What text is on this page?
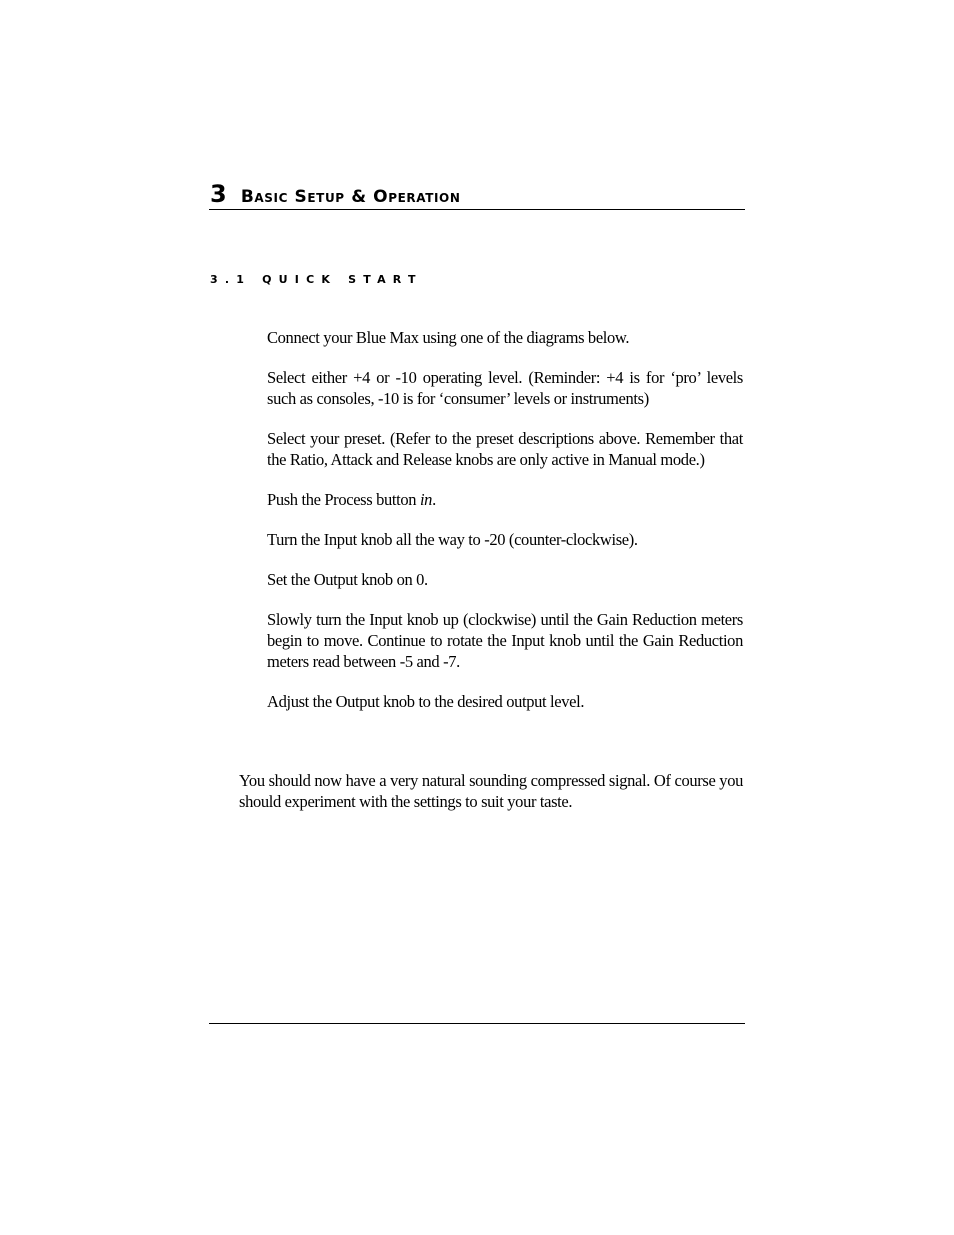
3 Basic Setup & Operation
3.1 QUICK START
Connect your Blue Max using one of the diagrams below.
Select either +4 or -10 operating level. (Reminder: +4 is for ‘pro’ levels such as consoles, -10 is for ‘consumer’ levels or instruments)
Select your preset. (Refer to the preset descriptions above. Remember that the Ratio, Attack and Release knobs are only active in Manual mode.)
Push the Process button in.
Turn the Input knob all the way to -20 (counter-clockwise).
Set the Output knob on 0.
Slowly turn the Input knob up (clockwise) until the Gain Reduction meters begin to move. Continue to rotate the Input knob until the Gain Reduction meters read between -5 and -7.
Adjust the Output knob to the desired output level.

You should now have a very natural sounding compressed signal. Of course you should experiment with the settings to suit your taste.
